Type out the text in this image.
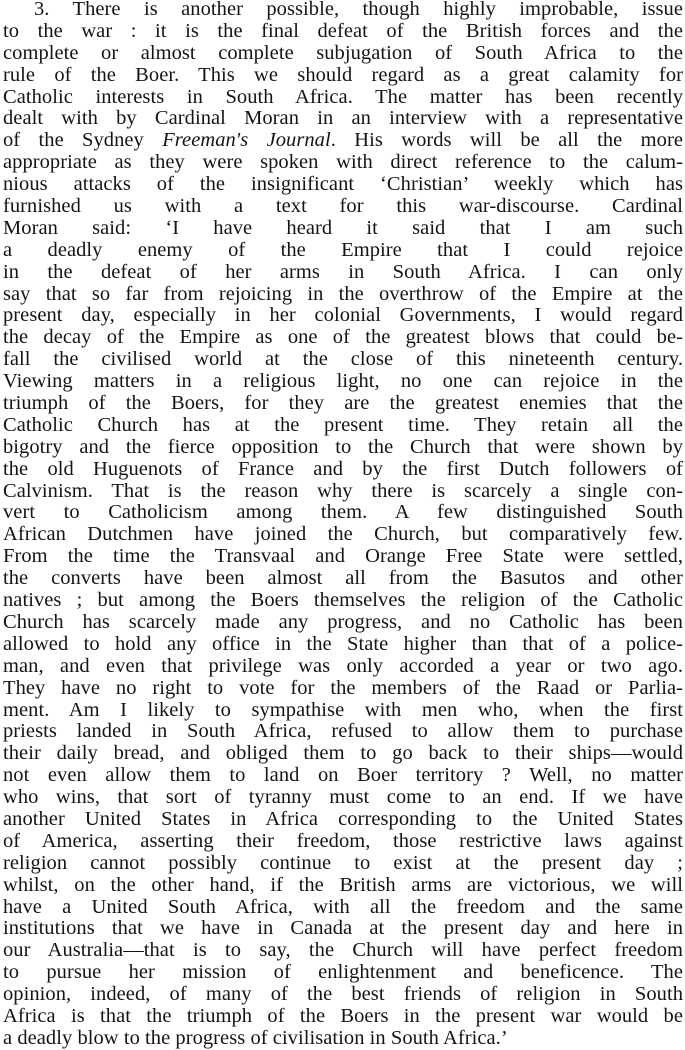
3. There is another possible, though highly improbable, issue
to the war : it is the final defeat of the British forces and the
complete or almost complete subjugation of South Africa to the
rule of the Boer. This we should regard as a great calamity for
Catholic interests in South Africa. The matter has been recently
dealt with by Cardinal Moran in an interview with a representative
of the Sydney Freeman's Journal. His words will be all the more
appropriate as they were spoken with direct reference to the calum-
nious attacks of the insignificant ‘Christian’ weekly which has
furnished us with a text for this war-discourse. Cardinal
Moran said: ‘I have heard it said that I am such
a deadly enemy of the Empire that I could rejoice
in the defeat of her arms in South Africa. I can only
say that so far from rejoicing in the overthrow of the Empire at the
present day, especially in her colonial Governments, I would regard
the decay of the Empire as one of the greatest blows that could be-
fall the civilised world at the close of this nineteenth century.
Viewing matters in a religious light, no one can rejoice in the
triumph of the Boers, for they are the greatest enemies that the
Catholic Church has at the present time. They retain all the
bigotry and the fierce opposition to the Church that were shown by
the old Huguenots of France and by the first Dutch followers of
Calvinism. That is the reason why there is scarcely a single con-
vert to Catholicism among them. A few distinguished South
African Dutchmen have joined the Church, but comparatively few.
From the time the Transvaal and Orange Free State were settled,
the converts have been almost all from the Basutos and other
natives ; but among the Boers themselves the religion of the Catholic
Church has scarcely made any progress, and no Catholic has been
allowed to hold any office in the State higher than that of a police-
man, and even that privilege was only accorded a year or two ago.
They have no right to vote for the members of the Raad or Parlia-
ment. Am I likely to sympathise with men who, when the first
priests landed in South Africa, refused to allow them to purchase
their daily bread, and obliged them to go back to their ships—would
not even allow them to land on Boer territory ? Well, no matter
who wins, that sort of tyranny must come to an end. If we have
another United States in Africa corresponding to the United States
of America, asserting their freedom, those restrictive laws against
religion cannot possibly continue to exist at the present day ;
whilst, on the other hand, if the British arms are victorious, we will
have a United South Africa, with all the freedom and the same
institutions that we have in Canada at the present day and here in
our Australia—that is to say, the Church will have perfect freedom
to pursue her mission of enlightenment and beneficence. The
opinion, indeed, of many of the best friends of religion in South
Africa is that the triumph of the Boers in the present war would be
a deadly blow to the progress of civilisation in South Africa.’
